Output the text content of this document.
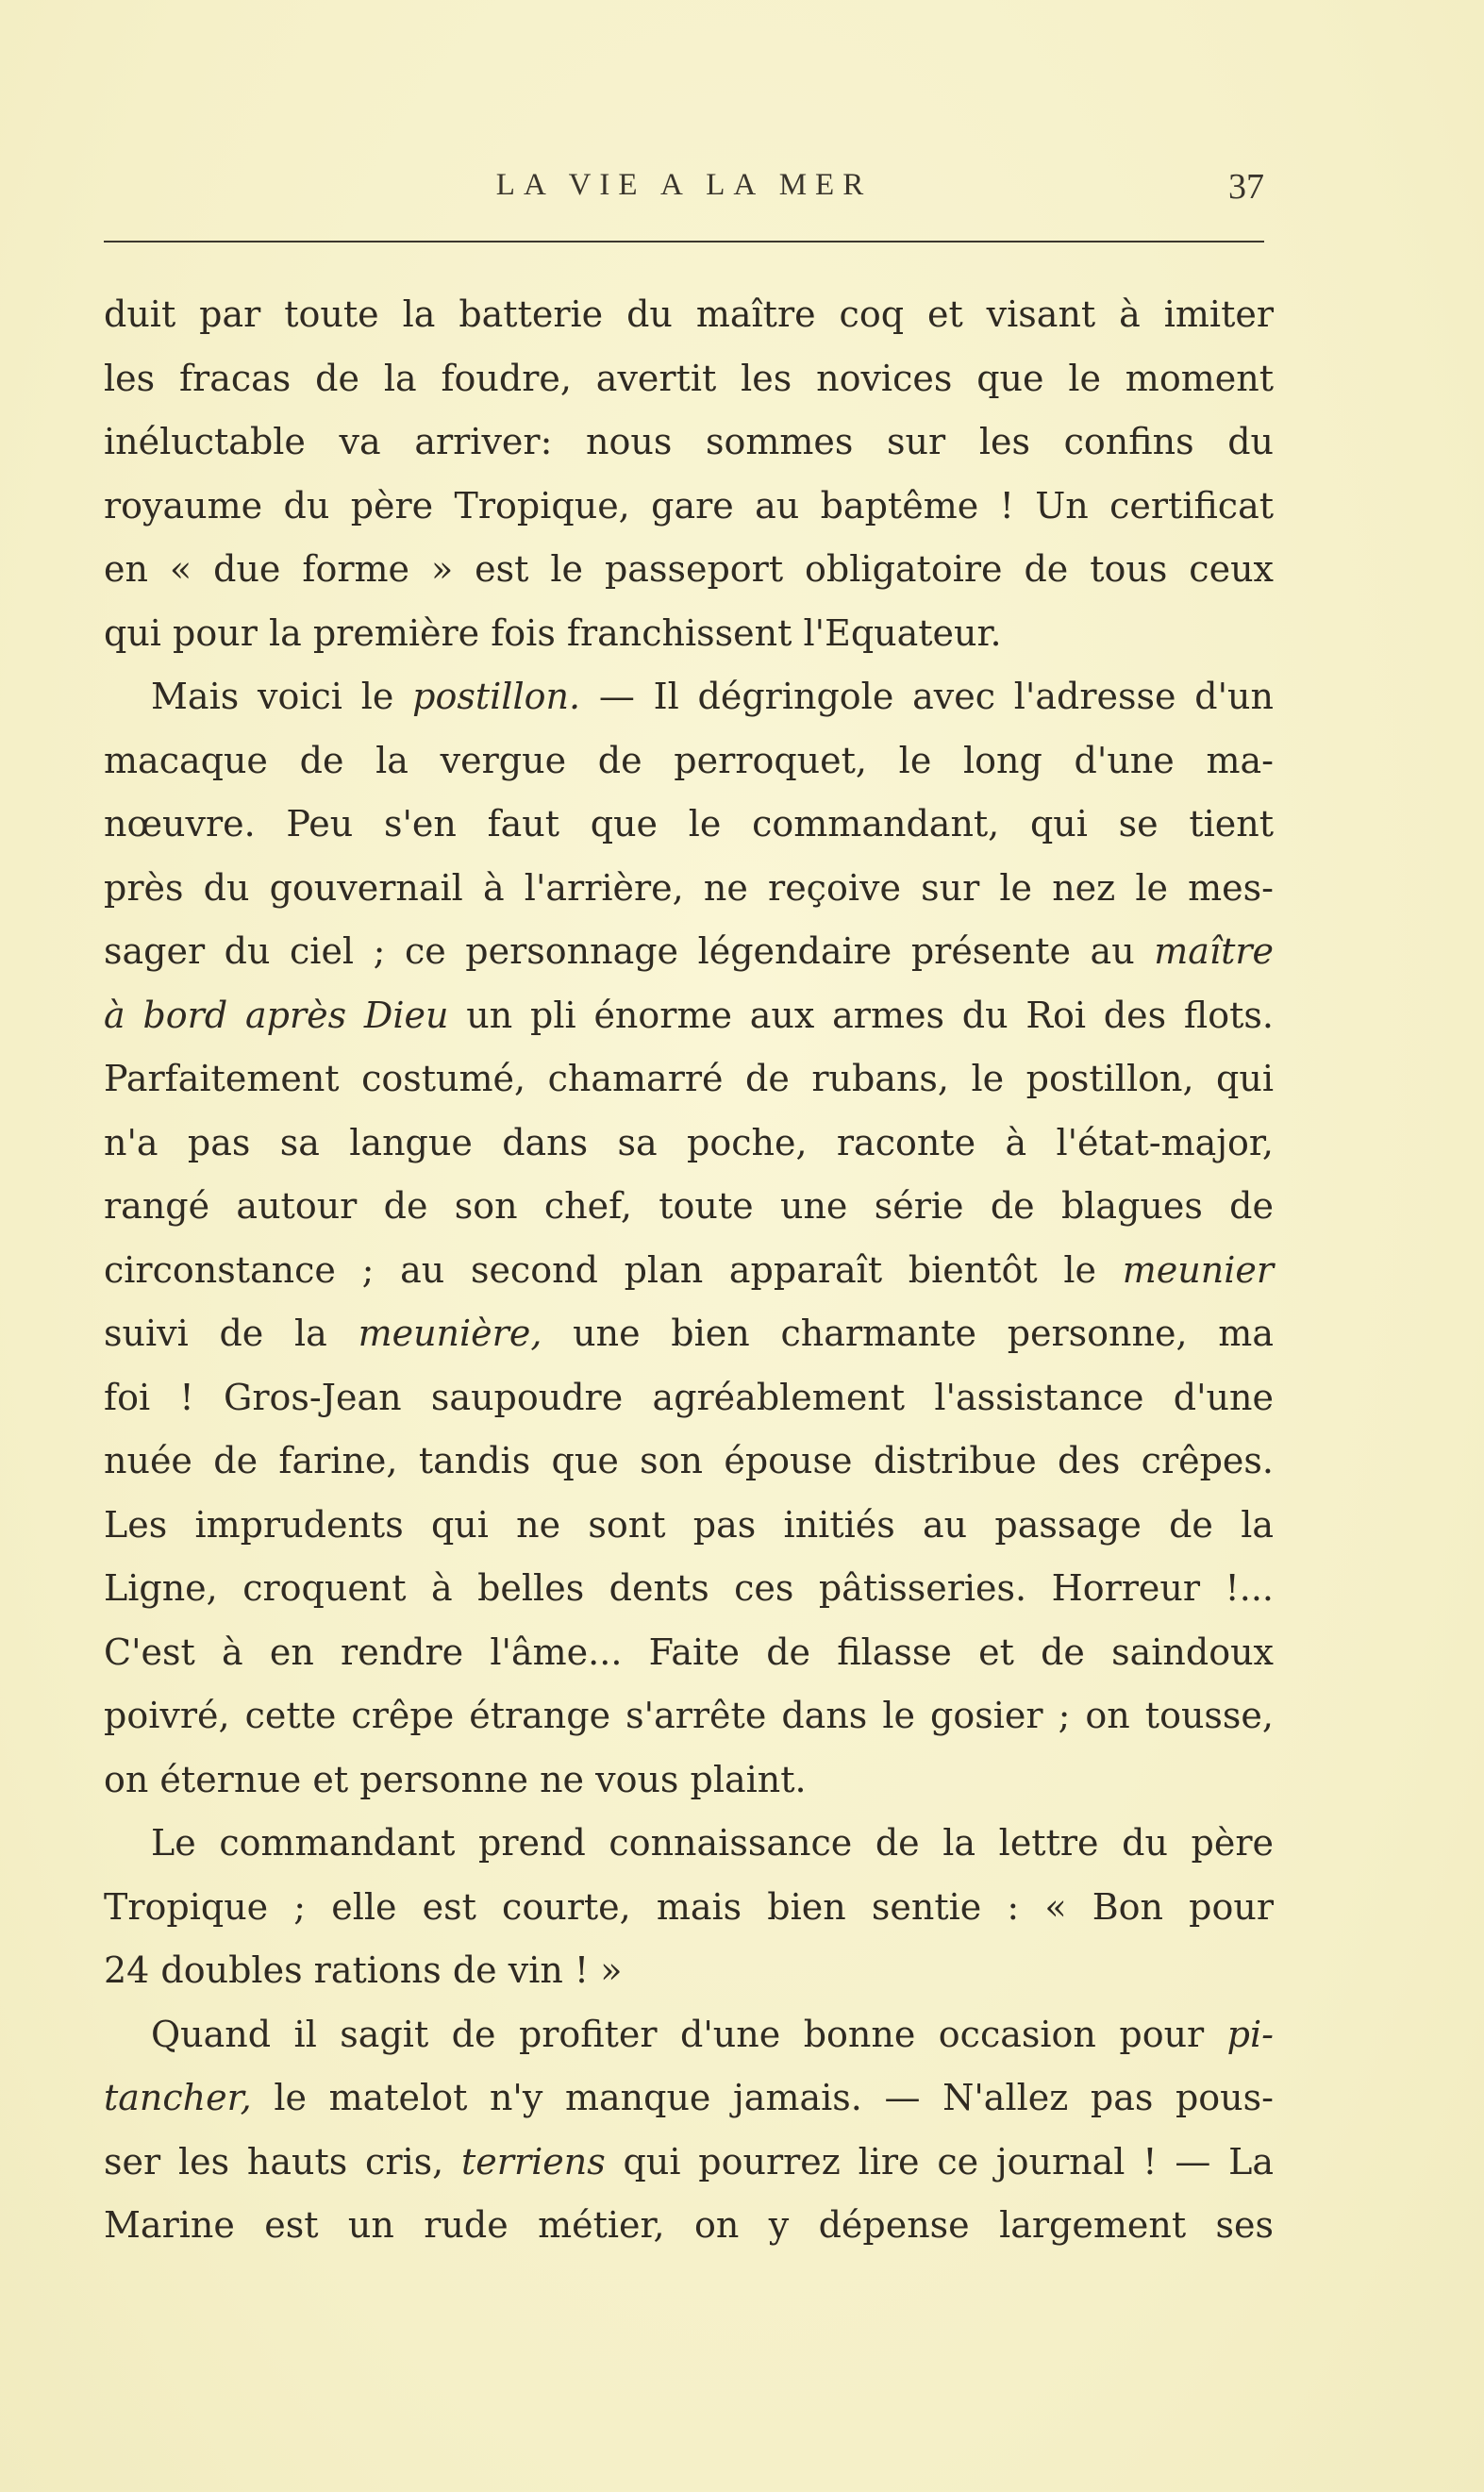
LA VIE A LA MER	37
duit par toute la batterie du maître coq et visant à imiter
les fracas de la foudre, avertit les novices que le moment
inéluctable va arriver: nous sommes sur les confins du
royaume du père Tropique, gare au baptême ! Un certificat
en « due forme » est le passeport obligatoire de tous ceux
qui pour la première fois franchissent l'Equateur.
Mais voici le postillon. — Il dégringole avec l'adresse d'un
macaque de la vergue de perroquet, le long d'une ma-
nœuvre. Peu s'en faut que le commandant, qui se tient
près du gouvernail à l'arrière, ne reçoive sur le nez le mes-
sager du ciel ; ce personnage légendaire présente au maître
à bord après Dieu un pli énorme aux armes du Roi des flots.
Parfaitement costumé, chamarré de rubans, le postillon, qui
n'a pas sa langue dans sa poche, raconte à l'état-major,
rangé autour de son chef, toute une série de blagues de
circonstance ; au second plan apparaît bientôt le meunier
suivi de la meunière, une bien charmante personne, ma
foi ! Gros-Jean saupoudre agréablement l'assistance d'une
nuée de farine, tandis que son épouse distribue des crêpes.
Les imprudents qui ne sont pas initiés au passage de la
Ligne, croquent à belles dents ces pâtisseries. Horreur !...
C'est à en rendre l'âme... Faite de filasse et de saindoux
poivré, cette crêpe étrange s'arrête dans le gosier ; on tousse,
on éternue et personne ne vous plaint.
Le commandant prend connaissance de la lettre du père
Tropique ; elle est courte, mais bien sentie : « Bon pour
24 doubles rations de vin ! »
Quand il sagit de profiter d'une bonne occasion pour pi-
tancher, le matelot n'y manque jamais. — N'allez pas pous-
ser les hauts cris, terriens qui pourrez lire ce journal ! — La
Marine est un rude métier, on y dépense largement ses
